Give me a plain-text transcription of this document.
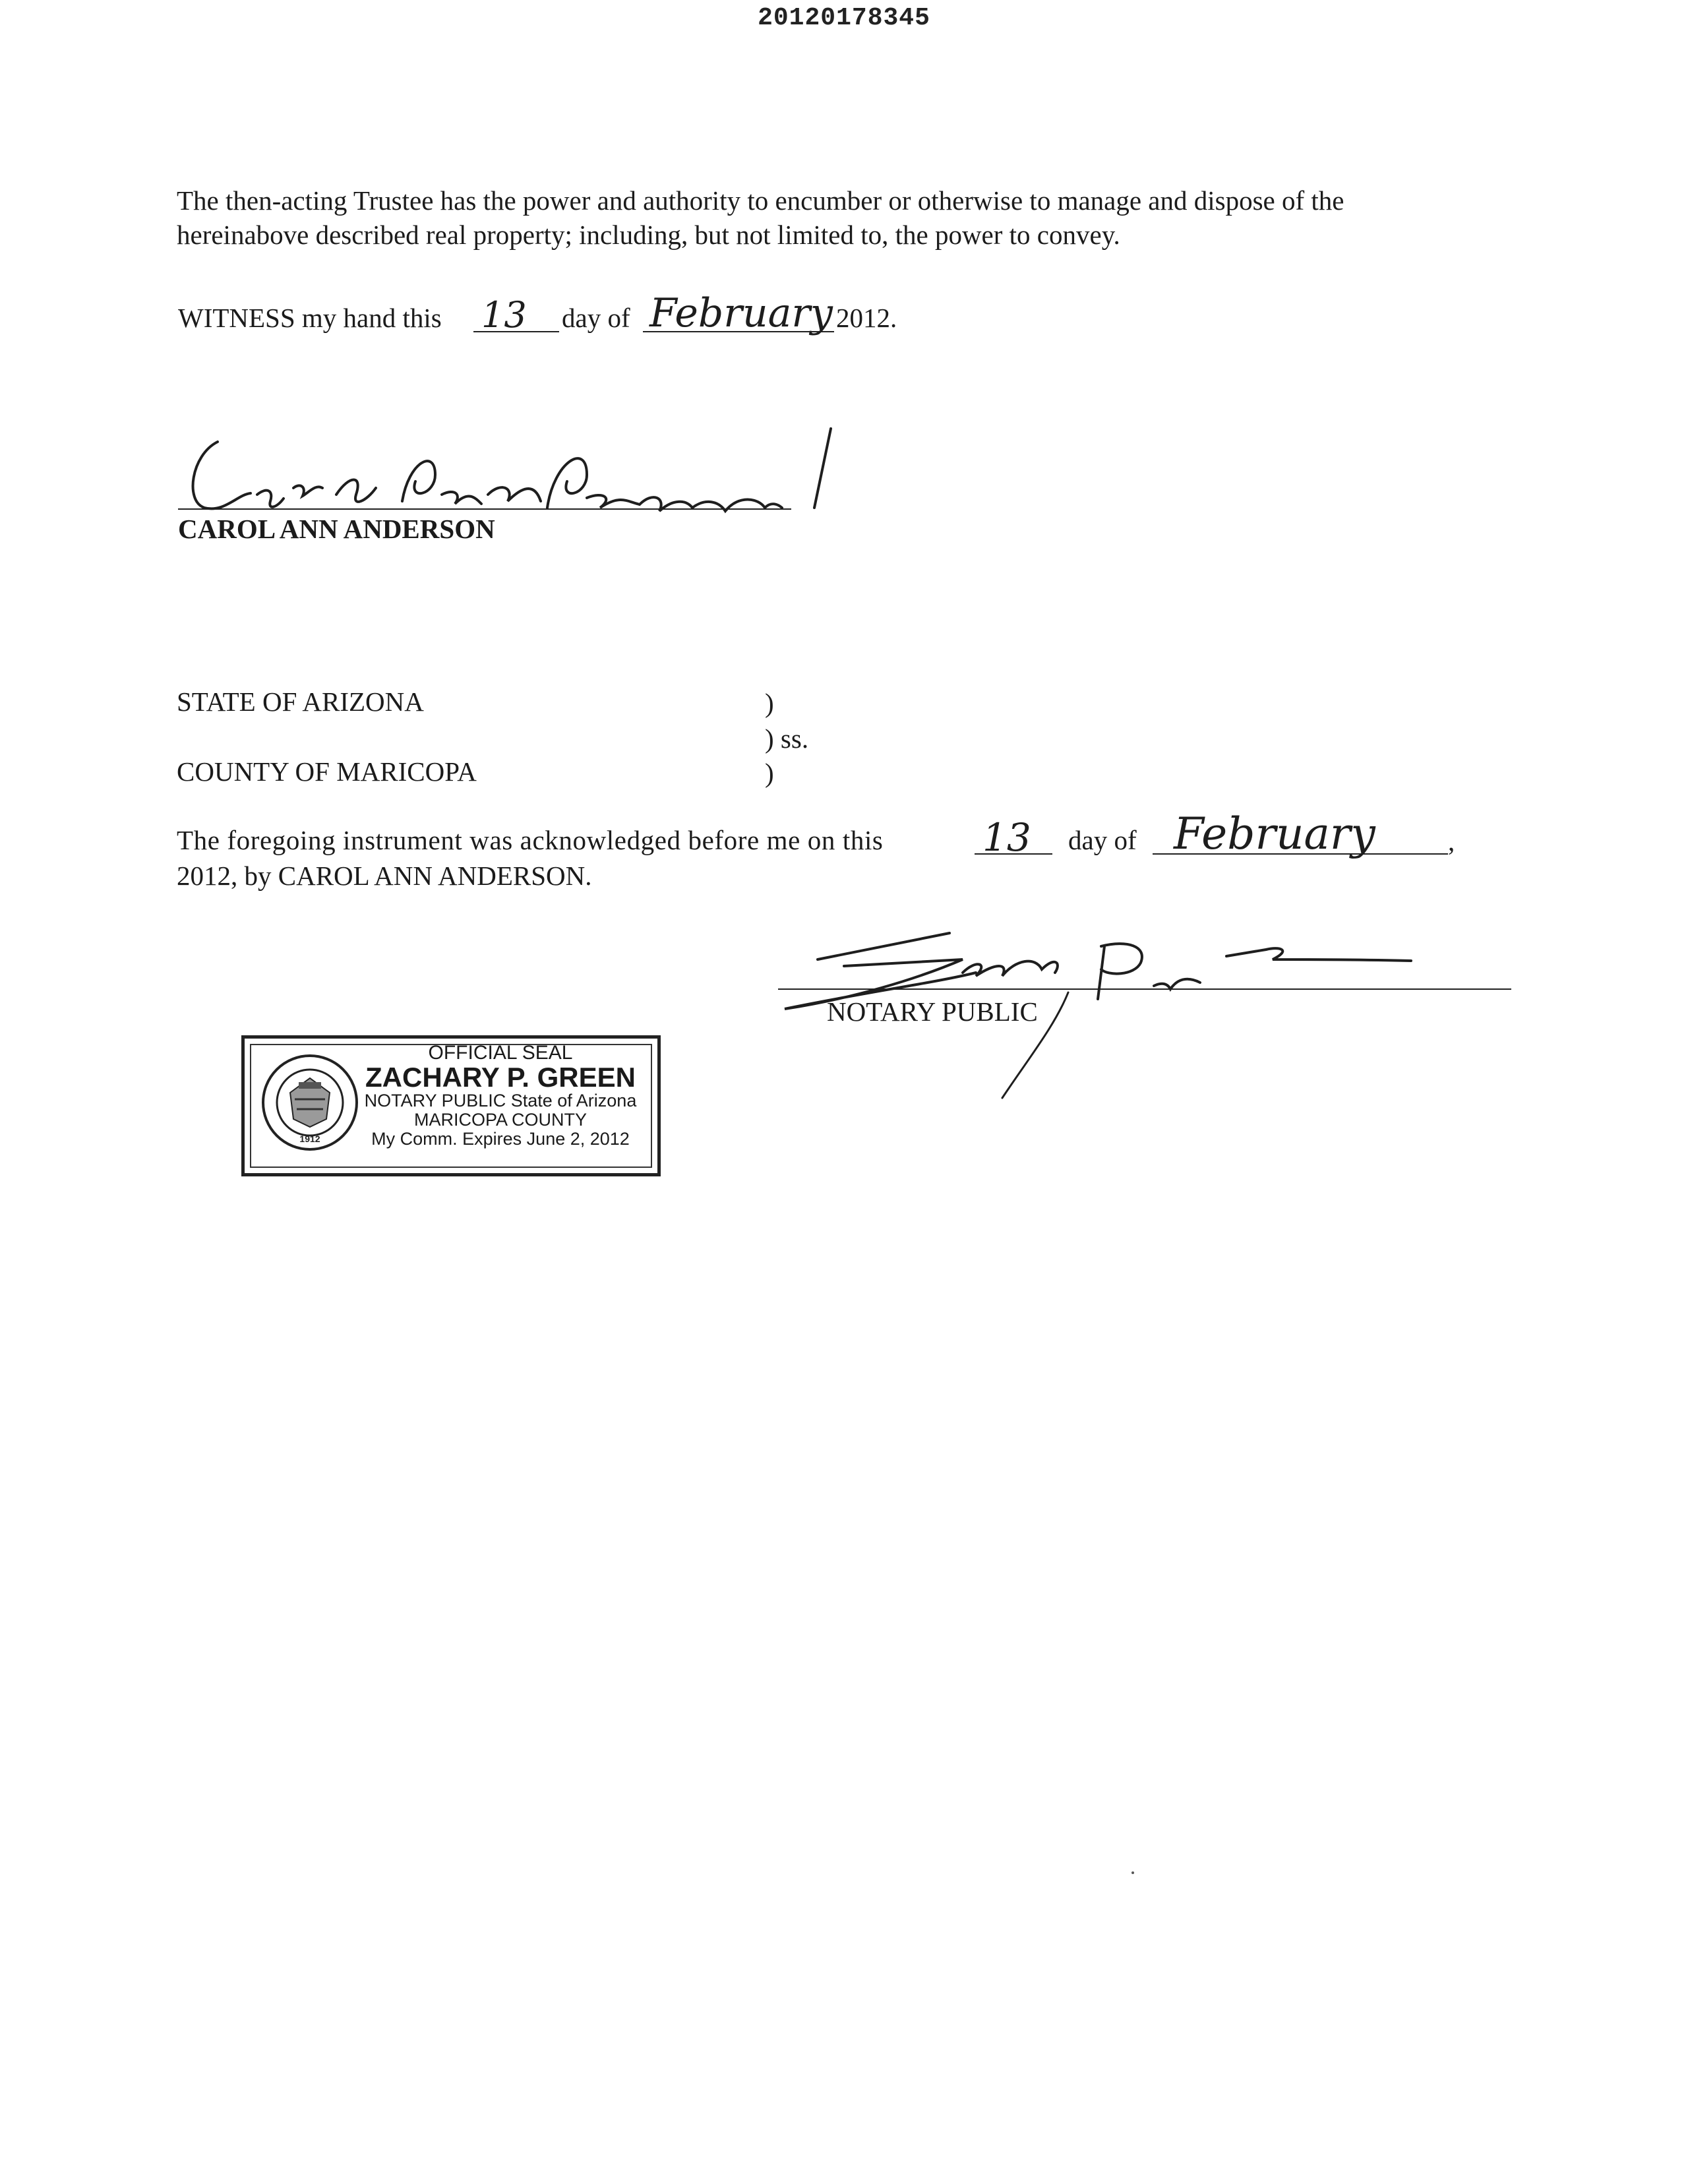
20120178345
The then-acting Trustee has the power and authority to encumber or otherwise to manage and dispose of the hereinabove described real property; including, but not limited to, the power to convey.
WITNESS my hand this 13 day of February 2012.
CAROL ANN ANDERSON
STATE OF ARIZONA	)
) ss.
COUNTY OF MARICOPA	)
The foregoing instrument was acknowledged before me on this	13 day of February	,
2012, by CAROL ANN ANDERSON.
NOTARY PUBLIC
1912
OFFICIAL SEAL
ZACHARY P. GREEN
NOTARY PUBLIC State of Arizona
MARICOPA COUNTY
My Comm. Expires June 2, 2012
